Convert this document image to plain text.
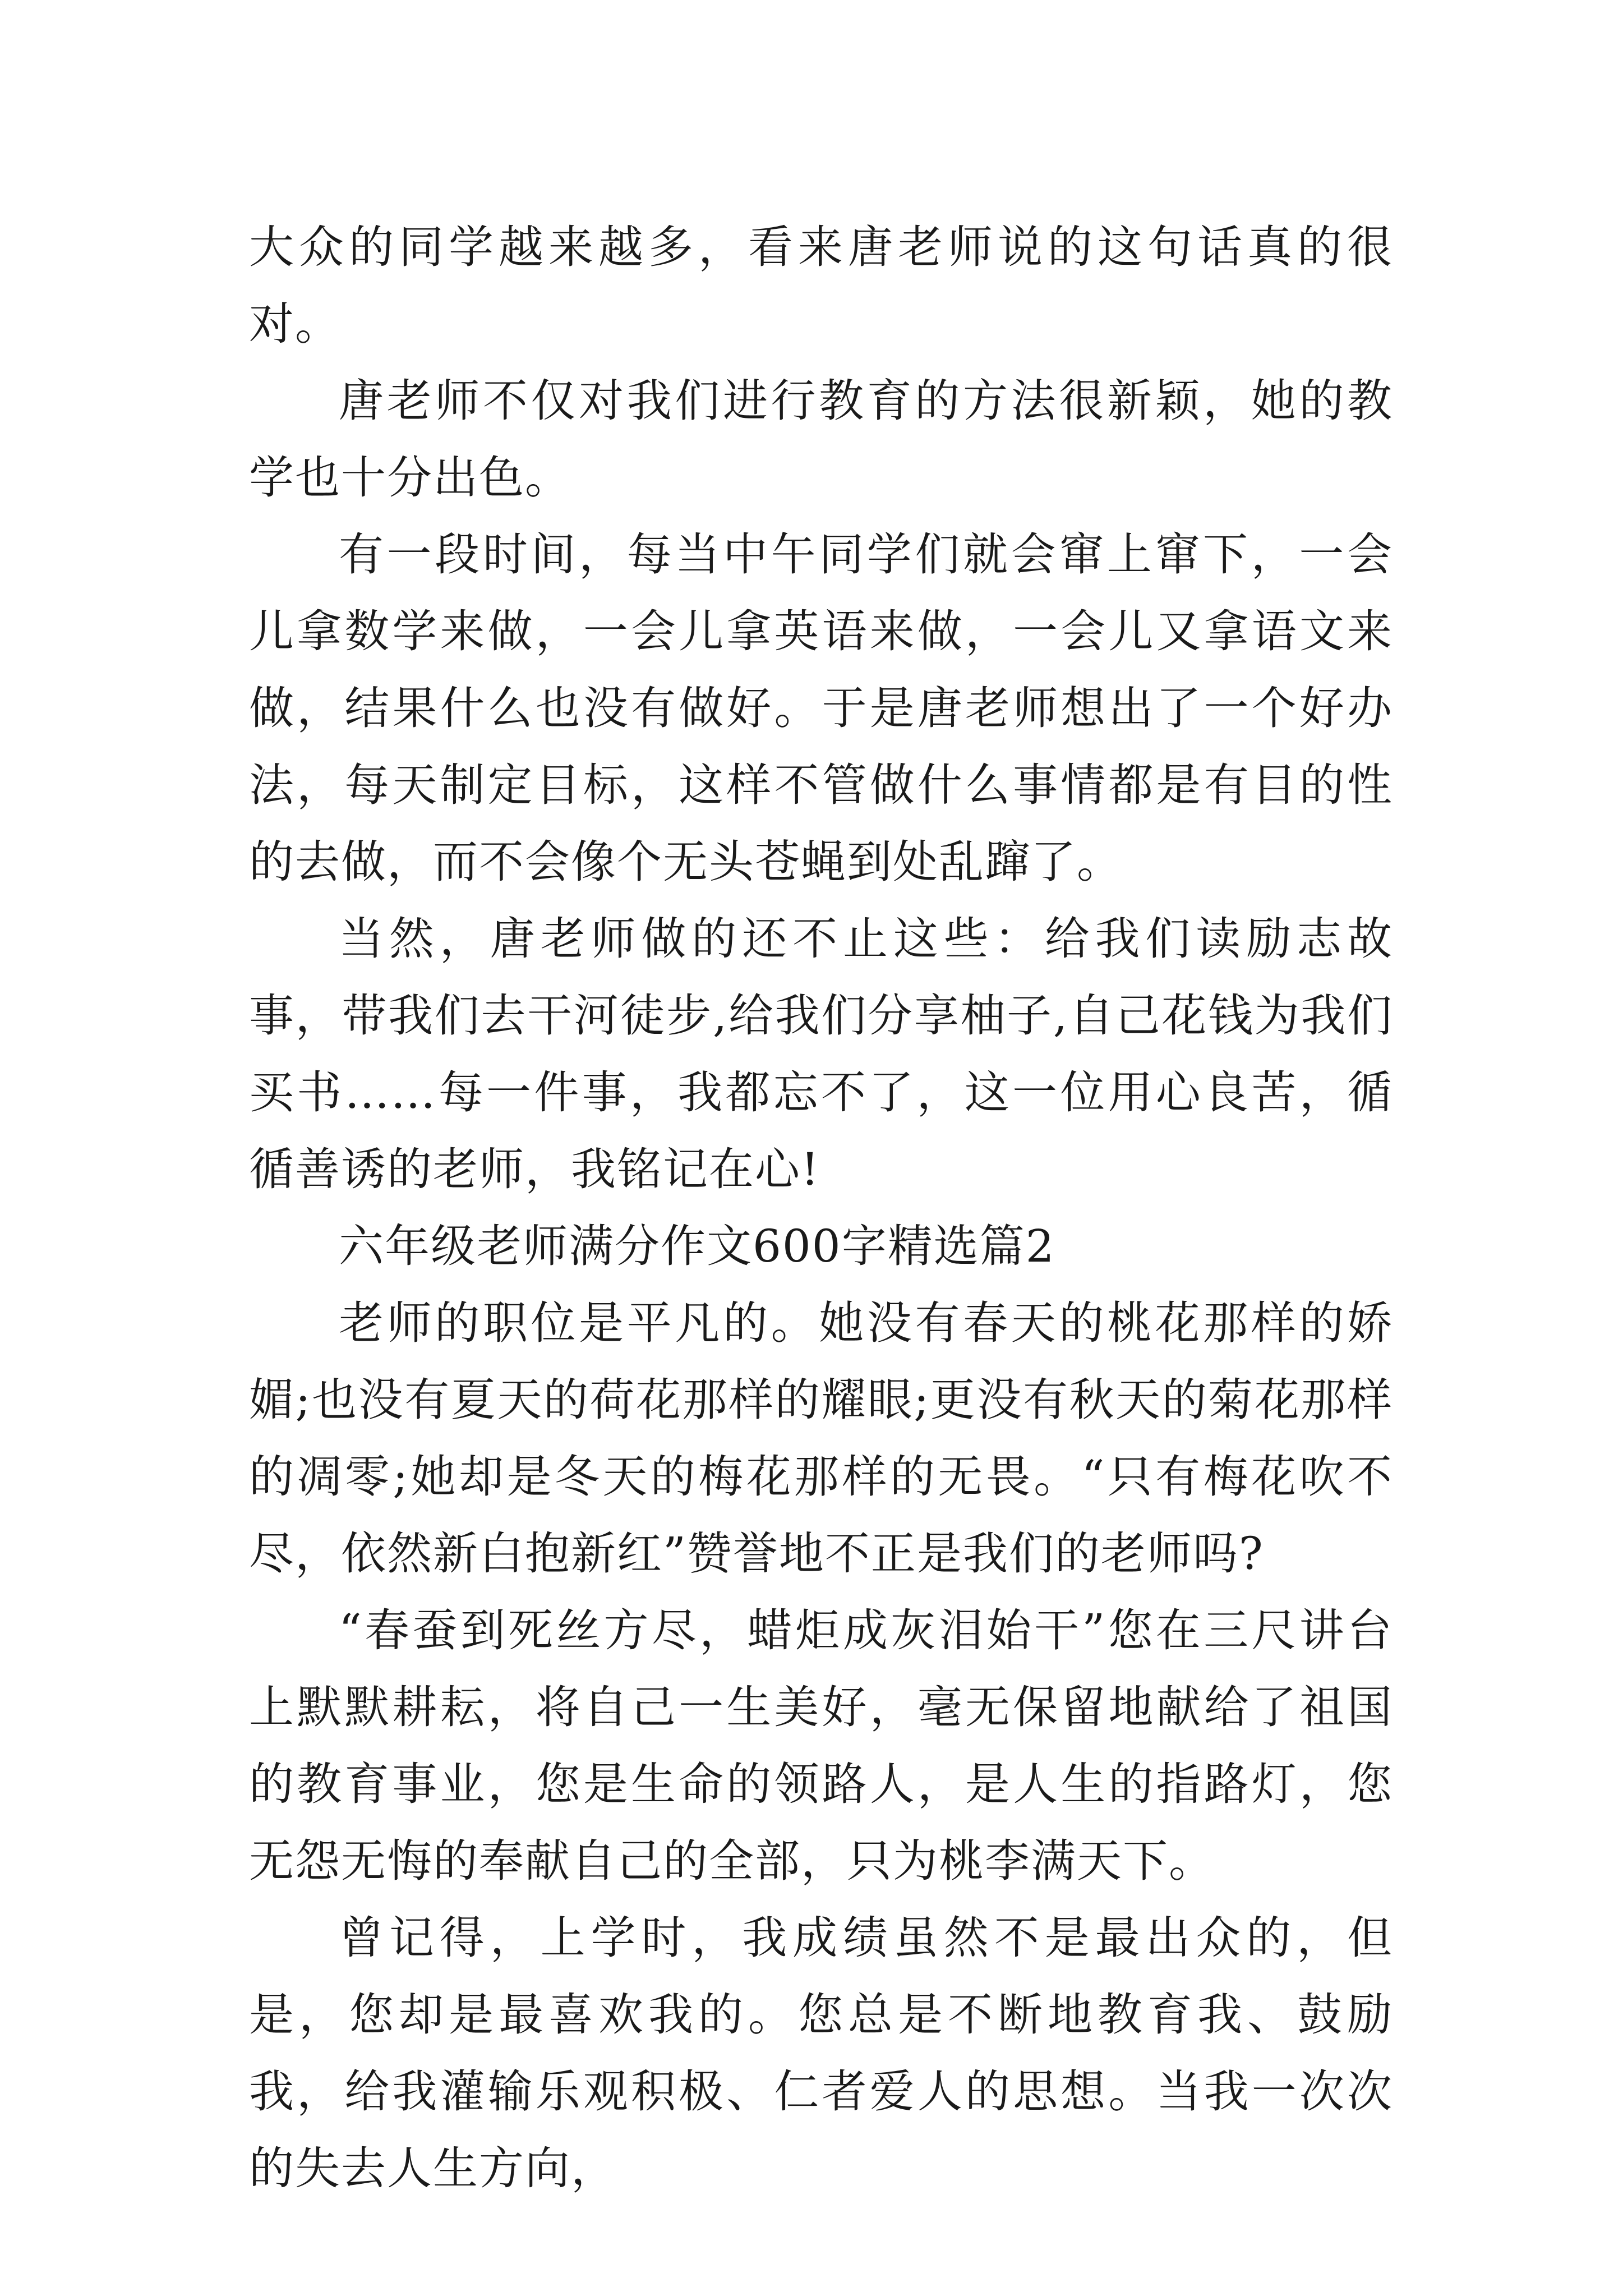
大众的同学越来越多，看来唐老师说的这句话真的很对。

唐老师不仅对我们进行教育的方法很新颖，她的教学也十分出色。

有一段时间，每当中午同学们就会窜上窜下，一会儿拿数学来做，一会儿拿英语来做，一会儿又拿语文来做，结果什么也没有做好。于是唐老师想出了一个好办法，每天制定目标，这样不管做什么事情都是有目的性的去做，而不会像个无头苍蝇到处乱蹿了。

当然，唐老师做的还不止这些：给我们读励志故事，带我们去干河徒步,给我们分享柚子,自己花钱为我们买书……每一件事，我都忘不了，这一位用心良苦，循循善诱的老师，我铭记在心!

六年级老师满分作文600字精选篇2

老师的职位是平凡的。她没有春天的桃花那样的娇媚;也没有夏天的荷花那样的耀眼;更没有秋天的菊花那样的凋零;她却是冬天的梅花那样的无畏。“只有梅花吹不尽，依然新白抱新红”赞誉地不正是我们的老师吗?

“春蚕到死丝方尽，蜡炬成灰泪始干”您在三尺讲台上默默耕耘，将自己一生美好，毫无保留地献给了祖国的教育事业，您是生命的领路人，是人生的指路灯，您无怨无悔的奉献自己的全部，只为桃李满天下。

曾记得，上学时，我成绩虽然不是最出众的，但是，您却是最喜欢我的。您总是不断地教育我、鼓励我，给我灌输乐观积极、仁者爱人的思想。当我一次次的失去人生方向，
